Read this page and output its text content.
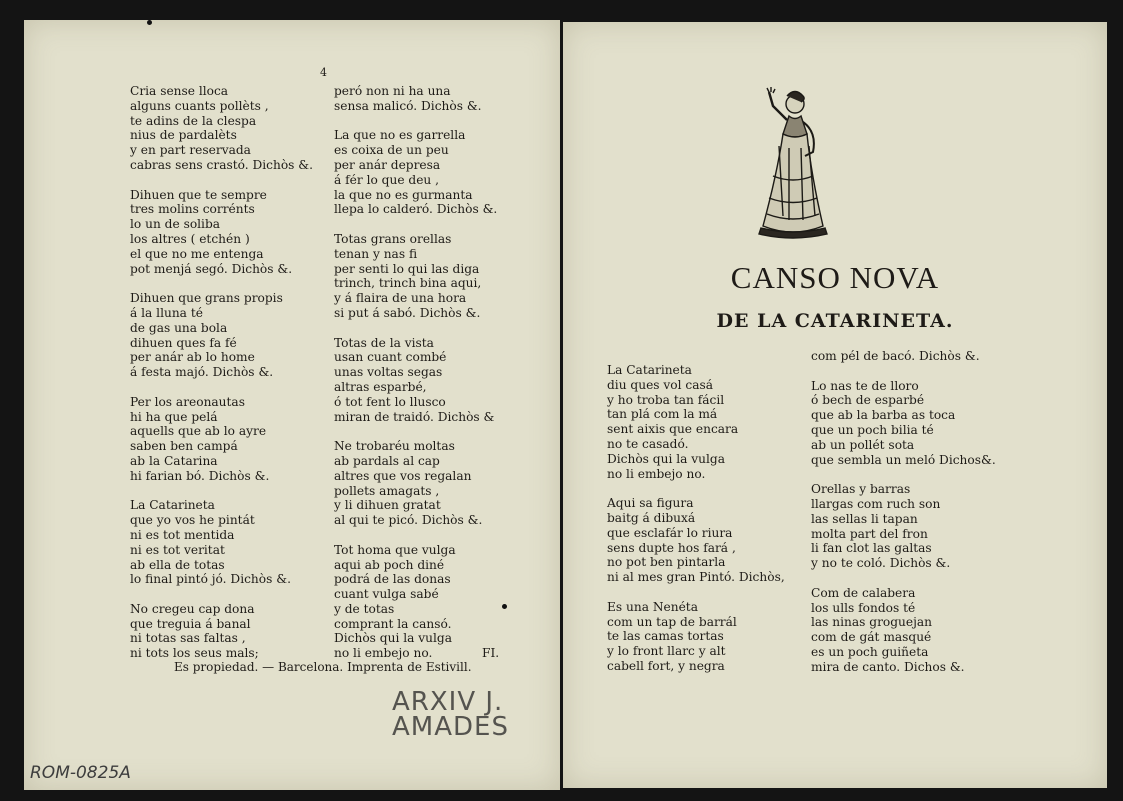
4
Cria sense lloca
alguns cuants pollèts ,
te adins de la clespa
nius de pardalèts
y en part reservada
cabras sens crastó. Dichòs &.
Dihuen que te sempre
tres molins corrénts
lo un de soliba
los altres ( etchén )
el que no me entenga
pot menjá segó. Dichòs &.
Dihuen que grans propis
á la lluna té
de gas una bola
dihuen ques fa fé
per anár ab lo home
á festa majó. Dichòs &.
Per los areonautas
hi ha que pelá
aquells que ab lo ayre
saben ben campá
ab la Catarina
hi farian bó. Dichòs &.
La Catarineta
que yo vos he pintát
ni es tot mentida
ni es tot veritat
ab ella de totas
lo final pintó jó. Dichòs &.
No cregeu cap dona
que treguia á banal
ni totas sas faltas ,
ni tots los seus mals;
peró non ni ha una
sensa malicó. Dichòs &.
La que no es garrella
es coixa de un peu
per anár depresa
á fér lo que deu ,
la que no es gurmanta
llepa lo calderó. Dichòs &.
Totas grans orellas
tenan y nas fi
per senti lo qui las diga
trinch, trinch bina aqui,
y á flaira de una hora
si put á sabó. Dichòs &.
Totas de la vista
usan cuant combé
unas voltas segas
altras esparbé,
ó tot fent lo llusco
miran de traidó. Dichòs &
Ne trobaréu moltas
ab pardals al cap
altres que vos regalan
pollets amagats ,
y li dihuen gratat
al qui te picó. Dichòs &.
Tot homa que vulga
aqui ab poch diné
podrá de las donas
cuant vulga sabé
y de totas
comprant la cansó.
Dichòs qui la vulga
no li embejo no.	FI.
Es propiedad. — Barcelona. Imprenta de Estivill.
ARXIV J.
AMADES
ROM-0825A
CANSO NOVA
DE LA CATARINETA.
La Catarineta
diu ques vol casá
y ho troba tan fácil
tan plá com la má
sent aixis que encara
no te casadó.
Dichòs qui la vulga
no li embejo no.
Aqui sa figura
baitg á dibuxá
que esclafár lo riura
sens dupte hos fará ,
no pot ben pintarla
ni al mes gran Pintó. Dichòs,
Es una Nenéta
com un tap de barrál
te las camas tortas
y lo front llarc y alt
cabell fort, y negra
com pél de bacó. Dichòs &.
Lo nas te de lloro
ó bech de esparbé
que ab la barba as toca
que un poch bilia té
ab un pollét sota
que sembla un meló Dichos&.
Orellas y barras
llargas com ruch son
las sellas li tapan
molta part del fron
li fan clot las galtas
y no te coló. Dichòs &.
Com de calabera
los ulls fondos té
las ninas groguejan
com de gát masqué
es un poch guiñeta
mira de canto. Dichos &.
